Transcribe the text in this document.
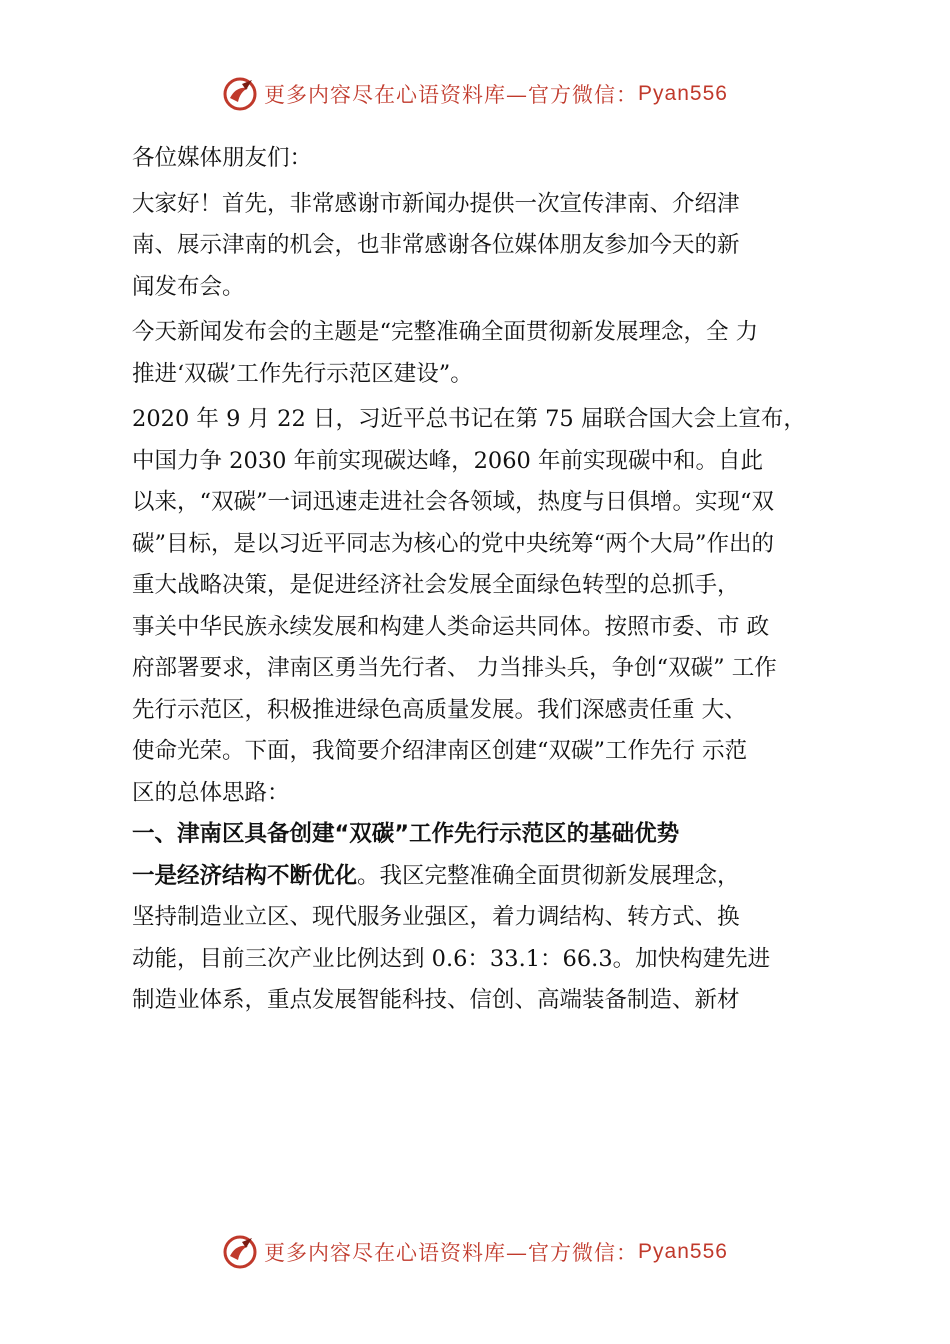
更多内容尽在心语资料库—官方微信： Pyan556
各位媒体朋友们：
大家好！首先，非常感谢市新闻办提供一次宣传津南、介绍津
南、展示津南的机会，也非常感谢各位媒体朋友参加今天的新
闻发布会。
今天新闻发布会的主题是“完整准确全面贯彻新发展理念，全 力
推进‘双碳’工作先行示范区建设”。
2020 年 9 月 22 日，习近平总书记在第 75 届联合国大会上宣布，
中国力争 2030 年前实现碳达峰，2060 年前实现碳中和。自此
以来，“双碳”一词迅速走进社会各领域，热度与日俱增。实现“双
碳”目标，是以习近平同志为核心的党中央统筹“两个大局”作出的
重大战略决策，是促进经济社会发展全面绿色转型的总抓手，
事关中华民族永续发展和构建人类命运共同体。按照市委、市 政
府部署要求，津南区勇当先行者、 力当排头兵，争创“双碳” 工作
先行示范区，积极推进绿色高质量发展。我们深感责任重 大、
使命光荣。下面，我简要介绍津南区创建“双碳”工作先行 示范
区的总体思路：
一、津南区具备创建“双碳”工作先行示范区的基础优势
一是经济结构不断优化。我区完整准确全面贯彻新发展理念，
坚持制造业立区、现代服务业强区，着力调结构、转方式、换
动能，目前三次产业比例达到 0.6：33.1：66.3。加快构建先进
制造业体系，重点发展智能科技、信创、高端装备制造、新材
更多内容尽在心语资料库—官方微信： Pyan556
